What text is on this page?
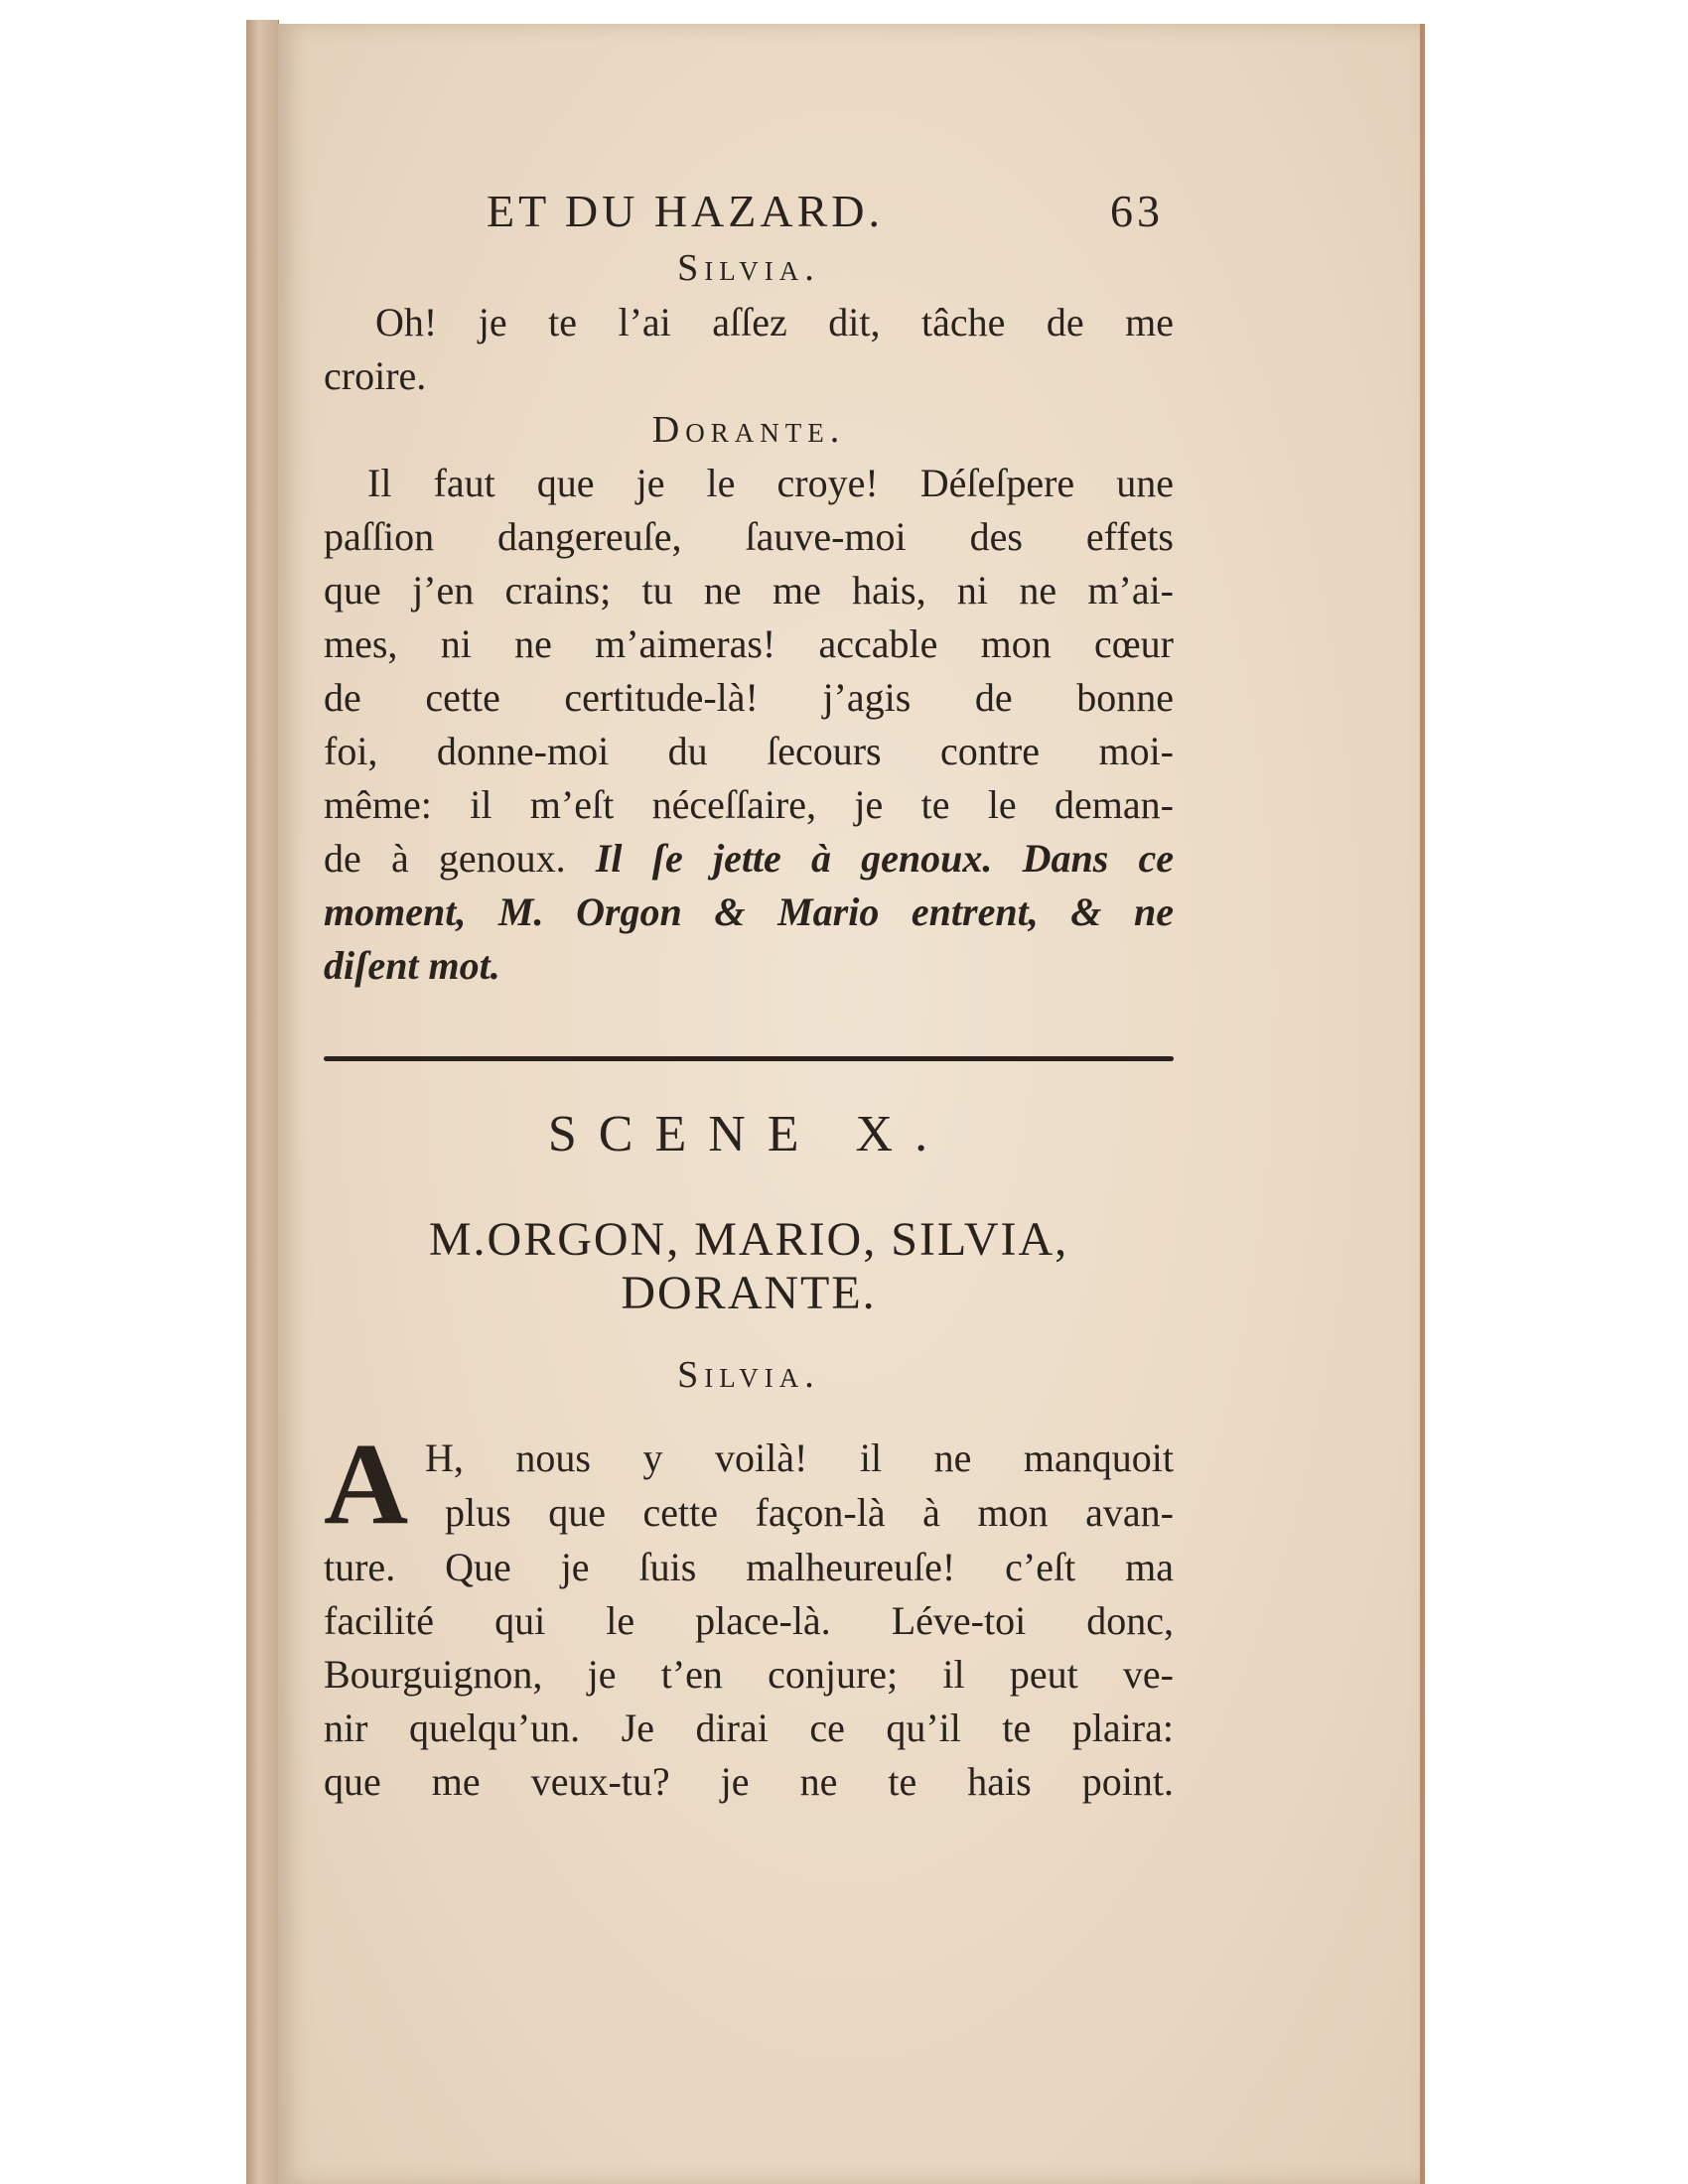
ET DU HAZARD.	63
Silvia.
Oh! je te l’ai aſſez dit, tâche de me
croire.
Dorante.
Il faut que je le croye! Déſeſpere une
paſſion dangereuſe, ſauve-moi des effets
que j’en crains; tu ne me hais, ni ne m’ai-
mes, ni ne m’aimeras! accable mon cœur
de cette certitude-là! j’agis de bonne
foi, donne-moi du ſecours contre moi-
même: il m’eſt néceſſaire, je te le deman-
de à genoux. Il ſe jette à genoux. Dans ce
moment, M. Orgon & Mario entrent, & ne
diſent mot.
SCENE X.
M.ORGON, MARIO, SILVIA,
DORANTE.
Silvia.
A H, nous y voilà! il ne manquoit
plus que cette façon-là à mon avan-
ture. Que je ſuis malheureuſe! c’eſt ma
facilité qui le place-là. Léve-toi donc,
Bourguignon, je t’en conjure; il peut ve-
nir quelqu’un. Je dirai ce qu’il te plaira:
que me veux-tu? je ne te hais point.
